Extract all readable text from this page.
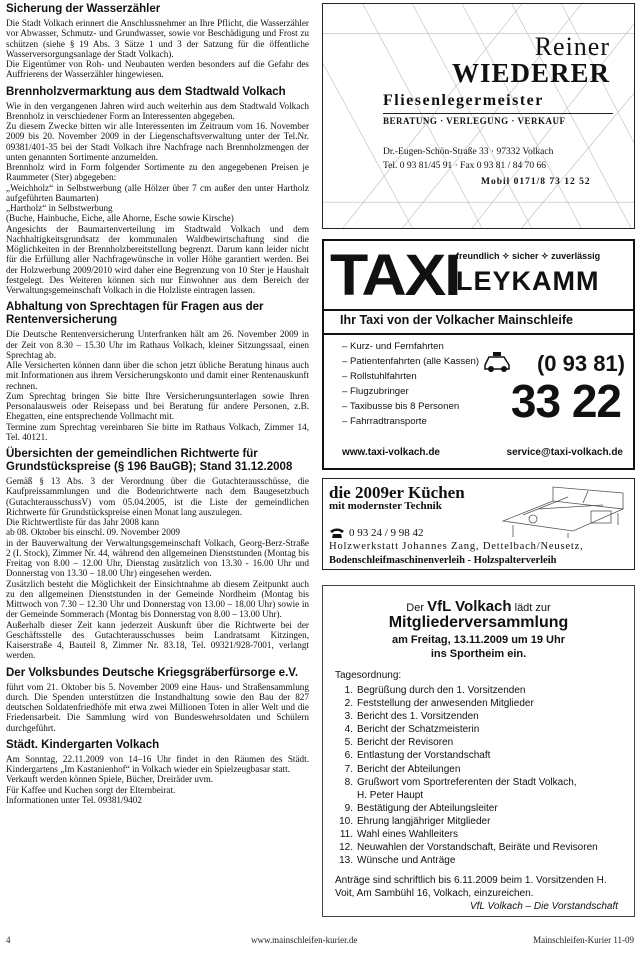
Sicherung der Wasserzähler

Die Stadt Volkach erinnert die Anschlussnehmer an Ihre Pflicht, die Wasserzähler vor Abwasser, Schmutz- und Grundwasser, sowie vor Beschädigung und Frost zu schützen (siehe § 19 Abs. 3 Sätze 1 und 3 der Satzung für die öffentliche Wasserversorgungsanlage der Stadt Volkach).
Die Eigentümer von Roh- und Neubauten werden besonders auf die Gefahr des Auffrierens der Wasserzähler hingewiesen.

Brennholzvermarktung aus dem Stadtwald Volkach

Wie in den vergangenen Jahren wird auch weiterhin aus dem Stadtwald Volkach Brennholz in verschiedener Form an Interessenten abgegeben.
Zu diesem Zwecke bitten wir alle Interessenten im Zeitraum vom 16. November 2009 bis 20. November 2009 in der Liegenschaftsverwaltung unter der Tel.Nr. 09381/401-35 bei der Stadt Volkach ihre Nachfrage nach Brennholzmengen der unten genannten Sortimente anzumelden.
Brennholz wird in Form folgender Sortimente zu den angegebenen Preisen je Raummeter (Ster) abgegeben:
„Weichholz“ in Selbstwerbung (alle Hölzer über 7 cm außer den unter Hartholz aufgeführten Baumarten)
„Hartholz“ in Selbstwerbung
(Buche, Hainbuche, Eiche, alle Ahorne, Esche sowie Kirsche)
Angesichts der Baumartenverteilung im Stadtwald Volkach und dem Nachhaltigkeitsgrundsatz der kommunalen Waldbewirtschaftung sind die Möglichkeiten in der Brennholzbereitstellung begrenzt. Darum kann leider nicht für die Erfüllung aller Nachfragewünsche in voller Höhe garantiert werden. Bei der Holzwerbung 2009/2010 wird daher eine Begrenzung von 10 Ster je Haushalt festgelegt. Des Weiteren können sich nur Einwohner aus dem Bereich der Verwaltungsgemeinschaft Volkach in die Holzliste eintragen lassen.

Abhaltung von Sprechtagen für Fragen aus der Rentenversicherung

Die Deutsche Rentenversicherung Unterfranken hält am 26. November 2009 in der Zeit von 8.30 – 15.30 Uhr im Rathaus Volkach, kleiner Sitzungssaal, einen Sprechtag ab.
Alle Versicherten können dann über die schon jetzt übliche Beratung hinaus auch mit Informationen aus ihrem Versicherungskonto und damit einer Rentenauskunft rechnen.
Zum Sprechtag bringen Sie bitte Ihre Versicherungsunterlagen sowie Ihren Personalausweis oder Reisepass und bei Beratung für andere Personen, z.B. Ehegatten, eine entsprechende Vollmacht mit.
Termine zum Sprechtag vereinbaren Sie bitte im Rathaus Volkach, Zimmer 14, Tel. 40121.

Übersichten der gemeindlichen Richtwerte für Grundstückspreise (§ 196 BauGB); Stand 31.12.2008

Gemäß § 13 Abs. 3 der Verordnung über die Gutachterausschüsse, die Kaufpreissammlungen und die Bodenrichtwerte nach dem Baugesetzbuch (GutachterausschussV) vom 05.04.2005, ist die Liste der gemeindlichen Richtwerte für Grundstückspreise einen Monat lang auszulegen.
Die Richtwertliste für das Jahr 2008 kann
ab 08. Oktober bis einschl. 09. November 2009
in der Bauverwaltung der Verwaltungsgemeinschaft Volkach, Georg-Berz-Straße 2 (I. Stock), Zimmer Nr. 44, während den allgemeinen Dienststunden (Montag bis Freitag von 8.00 – 12.00 Uhr, Dienstag zusätzlich von 13.30 - 16.00 Uhr und Donnerstag von 13.30 – 18.00 Uhr) eingesehen werden.
Zusätzlich besteht die Möglichkeit der Einsichtnahme ab diesem Zeitpunkt auch zu den allgemeinen Dienststunden in der Gemeinde Nordheim (Montag bis Mittwoch von 7.30 – 12.30 Uhr und Donnerstag von 13.00 – 18.00 Uhr) sowie in der Gemeinde Sommerach (Montag bis Donnerstag von 8.00 – 13.00 Uhr).
Außerhalb dieser Zeit kann jederzeit Auskunft über die Richtwerte bei der Geschäftsstelle des Gutachterausschusses beim Landratsamt Kitzingen, Kaiserstraße 4, Bauteil 8, Zimmer Nr. 83.18, Tel. 09321/928-7001, verlangt werden.

Der Volksbundes Deutsche Kriegsgräberfürsorge e.V.

führt vom 21. Oktober bis 5. November 2009 eine Haus- und Straßensammlung durch. Die Spenden unterstützen die Instandhaltung sowie den Bau der 827 deutschen Soldatenfriedhöfe mit etwa zwei Millionen Toten in aller Welt und die Friedensarbeit. Die Sammlung wird von Bundeswehrsoldaten und Schülern durchgeführt.

Städt. Kindergarten Volkach

Am Sonntag, 22.11.2009 von 14–16 Uhr findet in den Räumen des Städt. Kindergartens „Im Kastanienhof“ in Volkach wieder ein Spielzeugbasar statt.
Verkauft werden können Spiele, Bücher, Dreiräder uvm.
Für Kaffee und Kuchen sorgt der Elternbeirat.
Informationen unter Tel. 09381/9402

Reiner
WIEDERER
Fliesenlegermeister
BERATUNG · VERLEGUNG · VERKAUF
Dr.-Eugen-Schön-Straße 33 · 97332 Volkach
Tel. 0 93 81/45 91 · Fax 0 93 81 / 84 70 66
Mobil 0171/8 73 12 52
TAXI
freundlich ✧ sicher ✧ zuverlässig
LEYKAMM
Ihr Taxi von der Volkacher Mainschleife
– Kurz- und Fernfahrten
– Patientenfahrten (alle Kassen)
– Rollstuhlfahrten
– Flugzubringer
– Taxibusse bis 8 Personen
– Fahrradtransporte
(0 93 81)
33 22
www.taxi-volkach.de	service@taxi-volkach.de
die 2009er Küchen
mit modernster Technik
0 93 24 / 9 98 42
Holzwerkstatt Johannes Zang, Dettelbach/Neusetz,
Bodenschleifmaschinenverleih - Holzspalterverleih
Der VfL Volkach lädt zur
Mitgliederversammlung
am Freitag, 13.11.2009 um 19 Uhr
ins Sportheim ein.
Tagesordnung:
1. Begrüßung durch den 1. Vorsitzenden
2. Feststellung der anwesenden Mitglieder
3. Bericht des 1. Vorsitzenden
4. Bericht der Schatzmeisterin
5. Bericht der Revisoren
6. Entlastung der Vorstandschaft
7. Bericht der Abteilungen
8. Grußwort vom Sportreferenten der Stadt Volkach,
H. Peter Haupt
9. Bestätigung der Abteilungsleiter
10. Ehrung langjähriger Mitglieder
11. Wahl eines Wahlleiters
12. Neuwahlen der Vorstandschaft, Beiräte und Revisoren
13. Wünsche und Anträge
Anträge sind schriftlich bis 6.11.2009 beim 1. Vorsitzenden H. Voit, Am Sambühl 16, Volkach, einzureichen.
VfL Volkach – Die Vorstandschaft
4	www.mainschleifen-kurier.de	Mainschleifen-Kurier 11-09
